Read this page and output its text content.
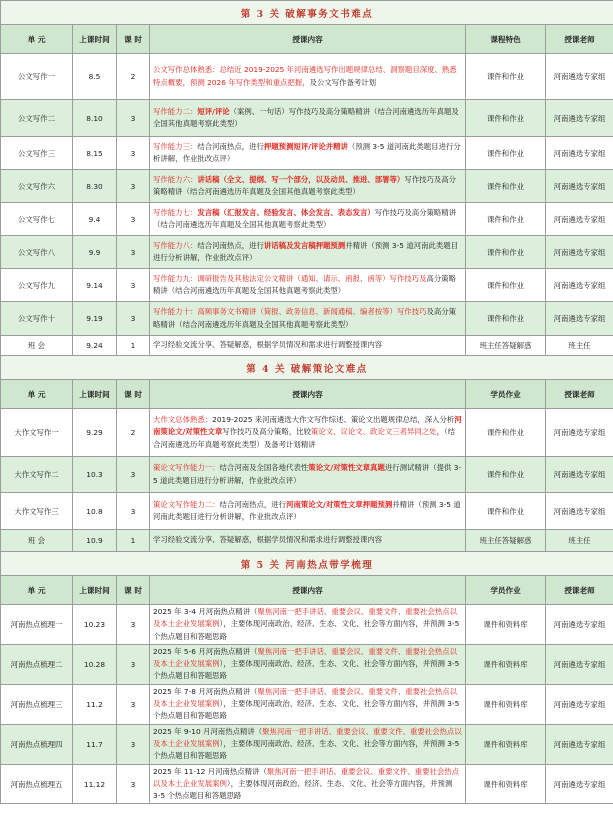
第 3 关 破解事务文书难点					
单 元	上课时间	课 时	授课内容	课程特色	授课老师
公文写作一	8.5	2	公文写作总体熟悉：总结近 2019-2025 年河南遴选写作出题规律总结、洞察题目深度、熟悉特点概要，预测 2026 年写作类型和重点把握，及公文写作备考计划	课件和作业	河南遴选专家组
公文写作二	8.10	3	写作能力二：短评/评论（案例、一句话）写作技巧及高分策略精讲（结合河南遴选历年真题及全国其他真题考察此类型）	课件和作业	河南遴选专家组
公文写作三	8.15	3	写作能力三：结合河南热点，进行押题预测短评/评论并精讲（预测 3-5 道河南此类题目进行分析讲解，作业批改点评）	课件和作业	河南遴选专家组
公文写作六	8.30	3	写作能力六：讲话稿（全文、提纲、写一个部分，以及动员、推进、部署等）写作技巧及高分策略精讲（结合河南遴选历年真题及全国其他真题考察此类型）	课件和作业	河南遴选专家组
公文写作七	9.4	3	写作能力七：发言稿（汇报发言、经验发言、体会发言、表态发言）写作技巧及高分策略精讲（结合河南遴选历年真题及全国其他真题考察此类型）	课件和作业	河南遴选专家组
公文写作八	9.9	3	写作能力八：结合河南热点，进行讲话稿及发言稿押题预测并精讲（预测 3-5 道河南此类题目进行分析讲解，作业批改点评）	课件和作业	河南遴选专家组
公文写作九	9.14	3	写作能力九：调研报告及其他法定公文精讲（通知、请示、函报、函等）写作技巧及高分策略精讲（结合河南遴选历年真题及全国其他真题考察此类型）	课件和作业	河南遴选专家组
公文写作十	9.19	3	写作能力十：高频事务文书精讲（简报、政务信息、新闻通稿、编者按等）写作技巧及高分策略精讲（结合河南遴选历年真题及全国其他真题考察此类型）	课件和作业	河南遴选专家组
班 会	9.24	1	学习经验交流分享、答疑解惑，根据学员情况和需求进行调整授课内容	班主任答疑解惑	班主任
第 4 关 破解策论文难点					
单 元	上课时间	课 时	授课内容	学员作业	授课老师
大作文写作一	9.29	2	大作文总体熟悉：2019-2025 来河南遴选大作文写作综述、策论文出题规律总结，深入分析河南策论文/对策性文章写作技巧及高分策略，比较策论文、议论文、政论文三者异同之处，（结合河南遴选历年真题考察此类型）及备考计划精讲	课件和作业	河南遴选专家组
大作文写作二	10.3	3	策论文写作能力一：结合河南及全国各地代表性策论文/对策性文章真题进行测试精讲（提供 3-5 道此类题目进行分析讲解，作业批改点评）	课件和作业	河南遴选专家组
大作文写作三	10.8	3	策论文写作能力二：结合河南热点，进行河南策论文/对策性文章押题预测并精讲（预测 3-5 道河南此类题目进行分析讲解，作业批改点评）	课件和作业	河南遴选专家组
班 会	10.9	1	学习经验交流分享、答疑解惑，根据学员情况和需求进行调整授课内容	班主任答疑解惑	班主任
第 5 关 河南热点带学梳理					
单 元	上课时间	课 时	授课内容	学员作业	授课老师
河南热点梳理一	10.23	3	2025 年 3-4 月河南热点精讲（聚焦河南一把手讲话、重要会议、重要文件、重要社会热点以及本土企业发展案例），主要体现河南政治、经济、生态、文化、社会等方面内容，并预测 3-5 个热点题目和答题思路	课件和资料库	河南遴选专家组
河南热点梳理二	10.28	3	2025 年 5-6 月河南热点精讲（聚焦河南一把手讲话、重要会议、重要文件、重要社会热点以及本土企业发展案例），主要体现河南政治、经济、生态、文化、社会等方面内容，并预测 3-5 个热点题目和答题思路	课件和资料库	河南遴选专家组
河南热点梳理三	11.2	3	2025 年 7-8 月河南热点精讲（聚焦河南一把手讲话、重要会议、重要文件、重要社会热点以及本土企业发展案例），主要体现河南政治、经济、生态、文化、社会等方面内容，并预测 3-5 个热点题目和答题思路	课件和资料库	河南遴选专家组
河南热点梳理四	11.7	3	2025 年 9-10 月河南热点精讲（聚焦河南一把手讲话、重要会议、重要文件、重要社会热点以及本土企业发展案例），主要体现河南政治、经济、生态、文化、社会等方面内容，并预测 3-5 个热点题目和答题思路	课件和资料库	河南遴选专家组
河南热点梳理五	11.12	3	2025 年 11-12 月河南热点精讲（聚焦河南一把手讲话、重要会议、重要文件、重要社会热点以及本土企业发展案例），主要体现河南政治、经济、生态、文化、社会等方面内容，并预测 3-5 个热点题目和答题思路	课件和资料库	河南遴选专家组
